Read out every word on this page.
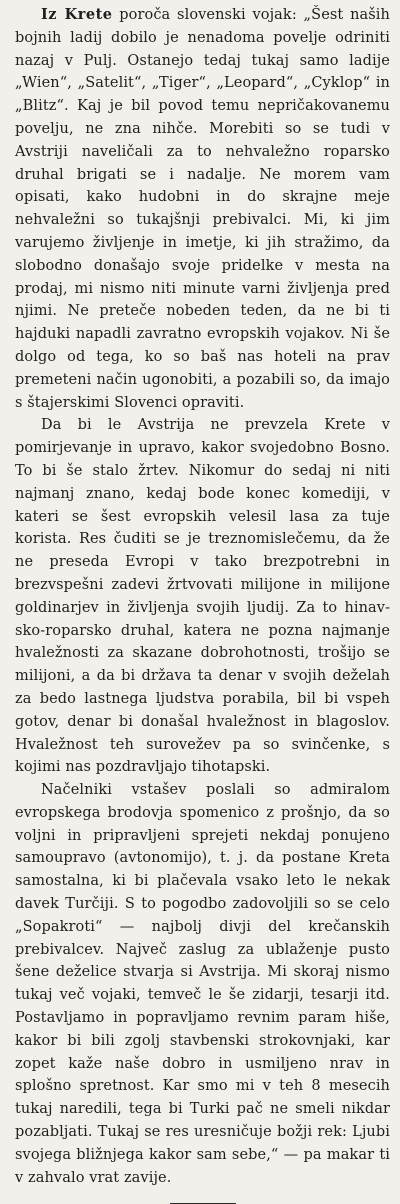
Iz Krete poroča slovenski vojak: „Šest naših bojnih ladij dobilo je nenadoma povelje odriniti nazaj v Pulj. Ostanejo tedaj tukaj samo ladije „Wien“, „Satelit“, „Tiger“, „Leopard“, „Cyklop“ in „Blitz“. Kaj je bil povod temu nepričakovanemu povelju, ne zna nihče. Morebiti so se tudi v Avstriji naveličali za to nehvaležno roparsko druhal brigati se i nadalje. Ne morem vam opisati, kako hudobni in do skrajne meje nehvaležni so tukajšnji prebivalci. Mi, ki jim varujemo življenje in imetje, ki jih stražimo, da slobodno donašajo svoje pridelke v mesta na prodaj, mi nismo niti minute varni življenja pred njimi. Ne preteče nobeden teden, da ne bi ti hajduki napadli zavratno evropskih vojakov. Ni še dolgo od tega, ko so baš nas hoteli na prav premeteni način ugonobiti, a pozabili so, da imajo s štajerskimi Slovenci opraviti.

Da bi le Avstrija ne prevzela Krete v pomirjevanje in upravo, kakor svojedobno Bosno. To bi še stalo žrtev. Nikomur do sedaj ni niti najmanj znano, kedaj bode konec komediji, v kateri se šest evropskih velesil lasa za tuje korista. Res čuditi se je treznomislečemu, da že ne preseda Evropi v tako brezpotrebni in brezvspešni zadevi žrtvovati milijone in milijone goldinarjev in življenja svojih ljudij. Za to hinavsko-roparsko druhal, katera ne pozna najmanje hvaležnosti za skazane dobrohotnosti, trošijo se milijoni, a da bi država ta denar v svojih deželah za bedo lastnega ljudstva porabila, bil bi vspeh gotov, denar bi donašal hvaležnost in blagoslov. Hvaležnost teh surovežev pa so svinčenke, s kojimi nas pozdravljajo tihotapski.

Načelniki vstašev poslali so admiralom evropskega brodovja spomenico z prošnjo, da so voljni in pripravljeni sprejeti nekdaj ponujeno samoupravo (avtonomijo), t. j. da postane Kreta samostalna, ki bi plačevala vsako leto le nekak davek Turčiji. S to pogodbo zadovoljili so se celo „Sopakroti“ — najbolj divji del krečanskih prebivalcev. Največ zaslug za ublaženje pusto šene deželice stvarja si Avstrija. Mi skoraj nismo tukaj več vojaki, temveč le še zidarji, tesarji itd. Postavljamo in popravljamo revnim param hiše, kakor bi bili zgolj stavbenski strokovnjaki, kar zopet kaže naše dobro in usmiljeno nrav in splošno spretnost. Kar smo mi v teh 8 mesecih tukaj naredili, tega bi Turki pač ne smeli nikdar pozabljati. Tukaj se res uresničuje božji rek: Ljubi svojega bližnjega kakor sam sebe,“ — pa makar ti v zahvalo vrat zavije.
